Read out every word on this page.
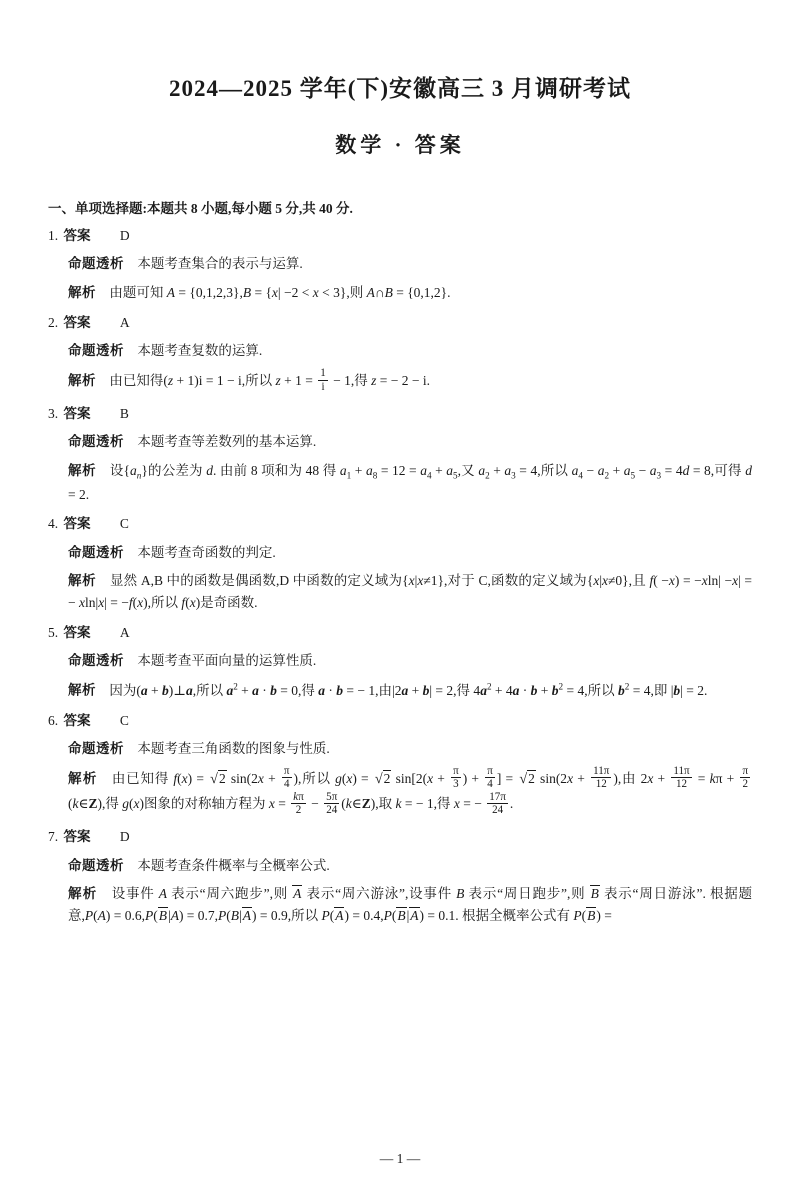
2024—2025 学年(下)安徽高三 3 月调研考试
数学 · 答案
一、单项选择题:本题共 8 小题,每小题 5 分,共 40 分.
1. 答案 D
命题透析 本题考查集合的表示与运算.
解析 由题可知 A = {0,1,2,3},B = {x| −2 < x < 3},则 A∩B = {0,1,2}.
2. 答案 A
命题透析 本题考查复数的运算.
解析 由已知得(z + 1)i = 1 − i,所以 $z + 1 = \frac{1}{i} - 1$,得 z = − 2 − i.
3. 答案 B
命题透析 本题考查等差数列的基本运算.
解析 设$\{a_n\}$的公差为 d. 由前 8 项和为 48 得 $a_1 + a_8 = 12 = a_4 + a_5$,又 $a_2 + a_3 = 4$,所以 $a_4 - a_2 + a_5 - a_3 = 4d = 8$,可得 d = 2.
4. 答案 C
命题透析 本题考查奇函数的判定.
解析 显然 A,B 中的函数是偶函数,D 中函数的定义域为{x|x≠1},对于 C,函数的定义域为{x|x≠0},且 f( −x) = −xln| −x| = − xln|x| = −f(x),所以 f(x)是奇函数.
5. 答案 A
命题透析 本题考查平面向量的运算性质.
解析 因为(a + b)⊥a,所以 $a^2 + a \cdot b = 0$,得 a · b = − 1,由|2a + b| = 2,得 $4a^2 + 4a \cdot b + b^2 = 4$,所以 $b^2 = 4$,即 |b| = 2.
6. 答案 C
命题透析 本题考查三角函数的图象与性质.
解析 由已知得 f(x) = √2 $\sin(2x + \frac{\pi}{4}$ ),所以 g(x) = √2 $\sin[2(x + \frac{\pi}{3}$ ) + $\frac{\pi}{4}$ ] = √2 $\sin(2x + \frac{11\pi}{12}$ ),由 $2x + \frac{11\pi}{12} = k\pi + \frac{\pi}{2}$
(k∈Z),得 g(x)图象的对称轴方程为 $x = \frac{k\pi}{2} - \frac{5\pi}{24}$ (k∈Z),取 k = − 1,得 x = − $\frac{17\pi}{24}$ .
7. 答案 D
命题透析 本题考查条件概率与全概率公式.
解析 设事件 A 表示“周六跑步”,则 A 表示“周六游泳”,设事件 B 表示“周日跑步”,则 B 表示“周日游泳”. 根据题意,P(A) = 0.6,P(B|A) = 0.7,P(B|A) = 0.9,所以 P(A) = 0.4,P(B|A) = 0.1. 根据全概率公式有 P(B) =
— 1 —
